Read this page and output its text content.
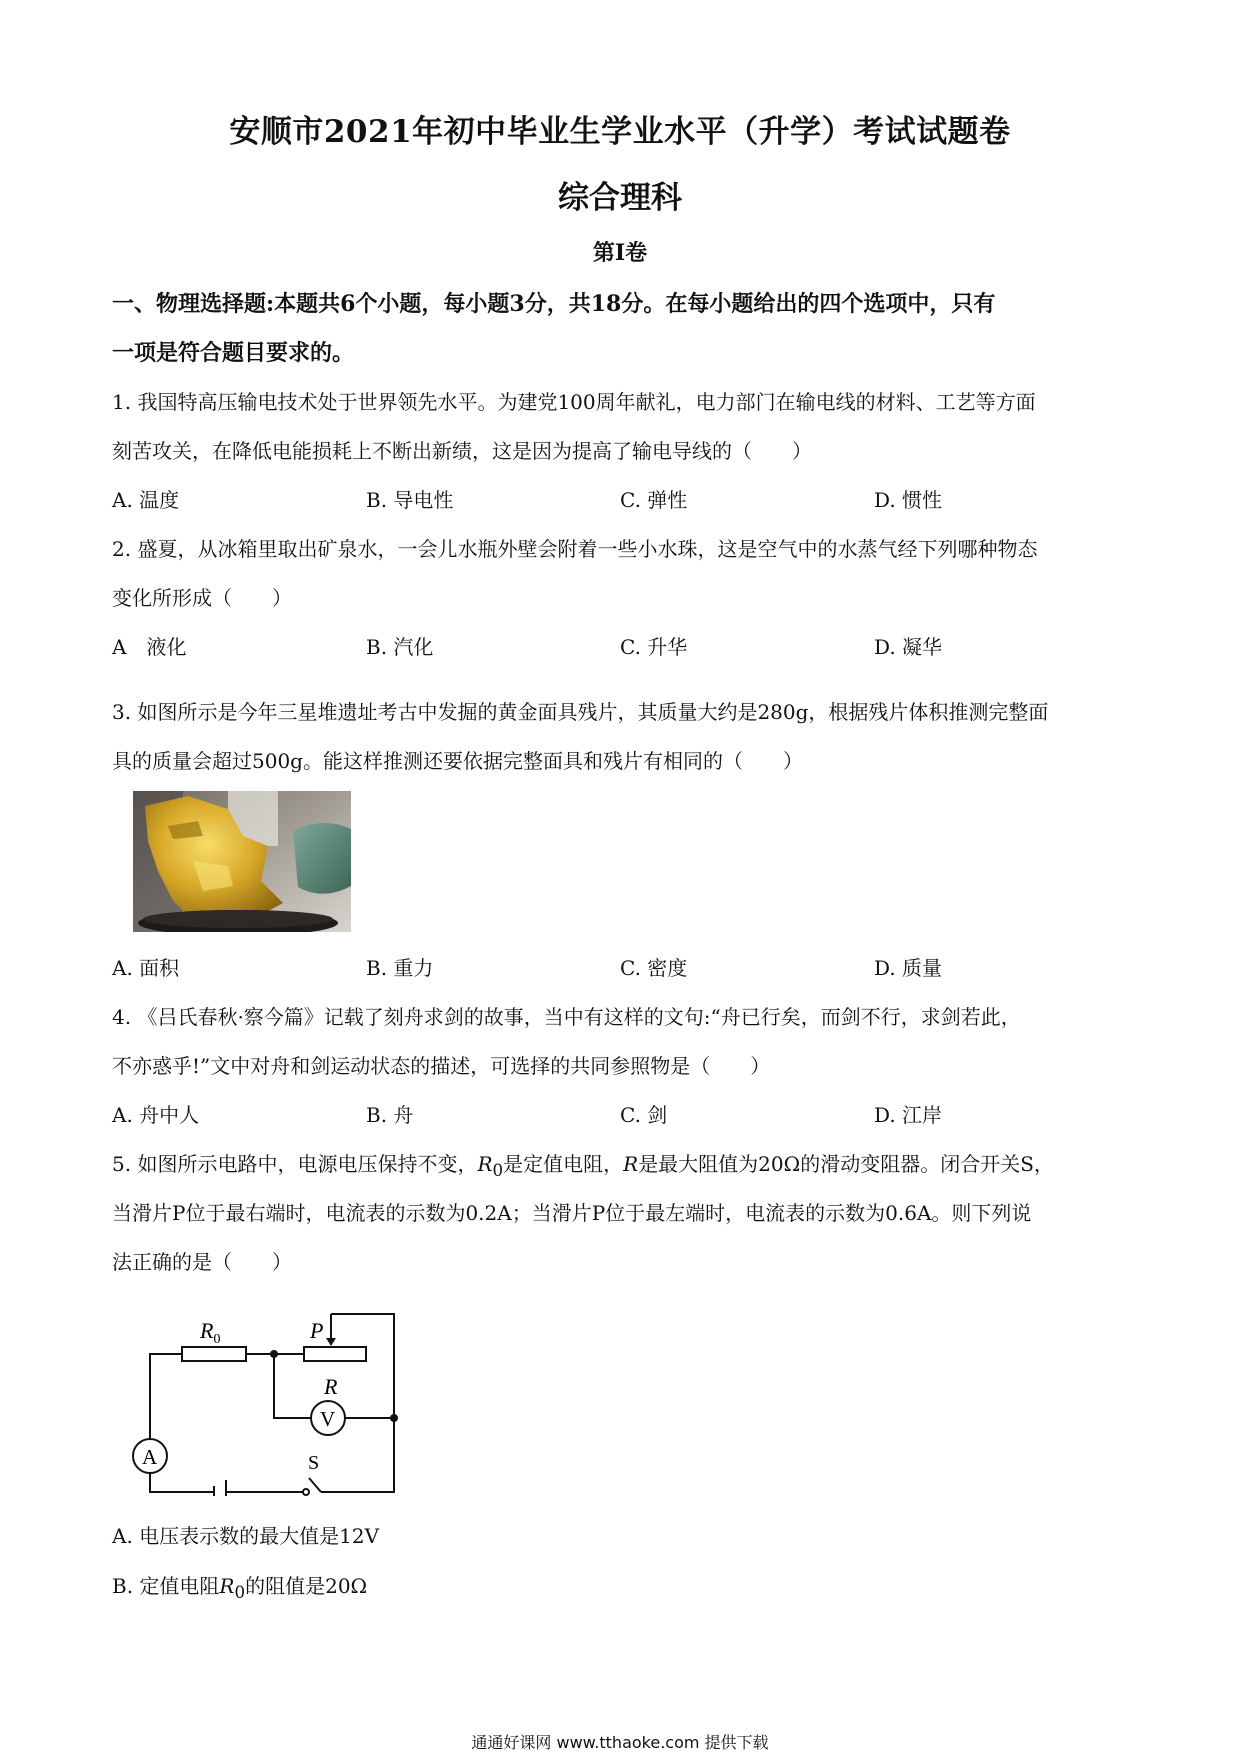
安顺市2021年初中毕业生学业水平（升学）考试试题卷
综合理科
第I卷
一、物理选择题:本题共6个小题，每小题3分，共18分。在每小题给出的四个选项中，只有
一项是符合题目要求的。
1. 我国特高压输电技术处于世界领先水平。为建党100周年献礼，电力部门在输电线的材料、工艺等方面
刻苦攻关，在降低电能损耗上不断出新绩，这是因为提高了输电导线的（　　）
A. 温度	B. 导电性	C. 弹性	D. 惯性
2. 盛夏，从冰箱里取出矿泉水，一会儿水瓶外壁会附着一些小水珠，这是空气中的水蒸气经下列哪种物态
变化所形成（　　）
A　液化	B. 汽化	C. 升华	D. 凝华
3. 如图所示是今年三星堆遗址考古中发掘的黄金面具残片，其质量大约是280g，根据残片体积推测完整面
具的质量会超过500g。能这样推测还要依据完整面具和残片有相同的（　　）
A. 面积	B. 重力	C. 密度	D. 质量
4. 《吕氏春秋·察今篇》记载了刻舟求剑的故事，当中有这样的文句:“舟已行矣，而剑不行，求剑若此，
不亦惑乎!”文中对舟和剑运动状态的描述，可选择的共同参照物是（　　）
A. 舟中人	B. 舟	C. 剑	D. 江岸
5. 如图所示电路中，电源电压保持不变，$R_0$是定值电阻，R是最大阻值为20Ω的滑动变阻器。闭合开关S，
当滑片P位于最右端时，电流表的示数为0.2A；当滑片P位于最左端时，电流表的示数为0.6A。则下列说
法正确的是（　　）
$R_0$	P
R
A
V
S
A. 电压表示数的最大值是12V
B. 定值电阻$R_0$的阻值是20Ω
通通好课网 www.tthaoke.com 提供下载
